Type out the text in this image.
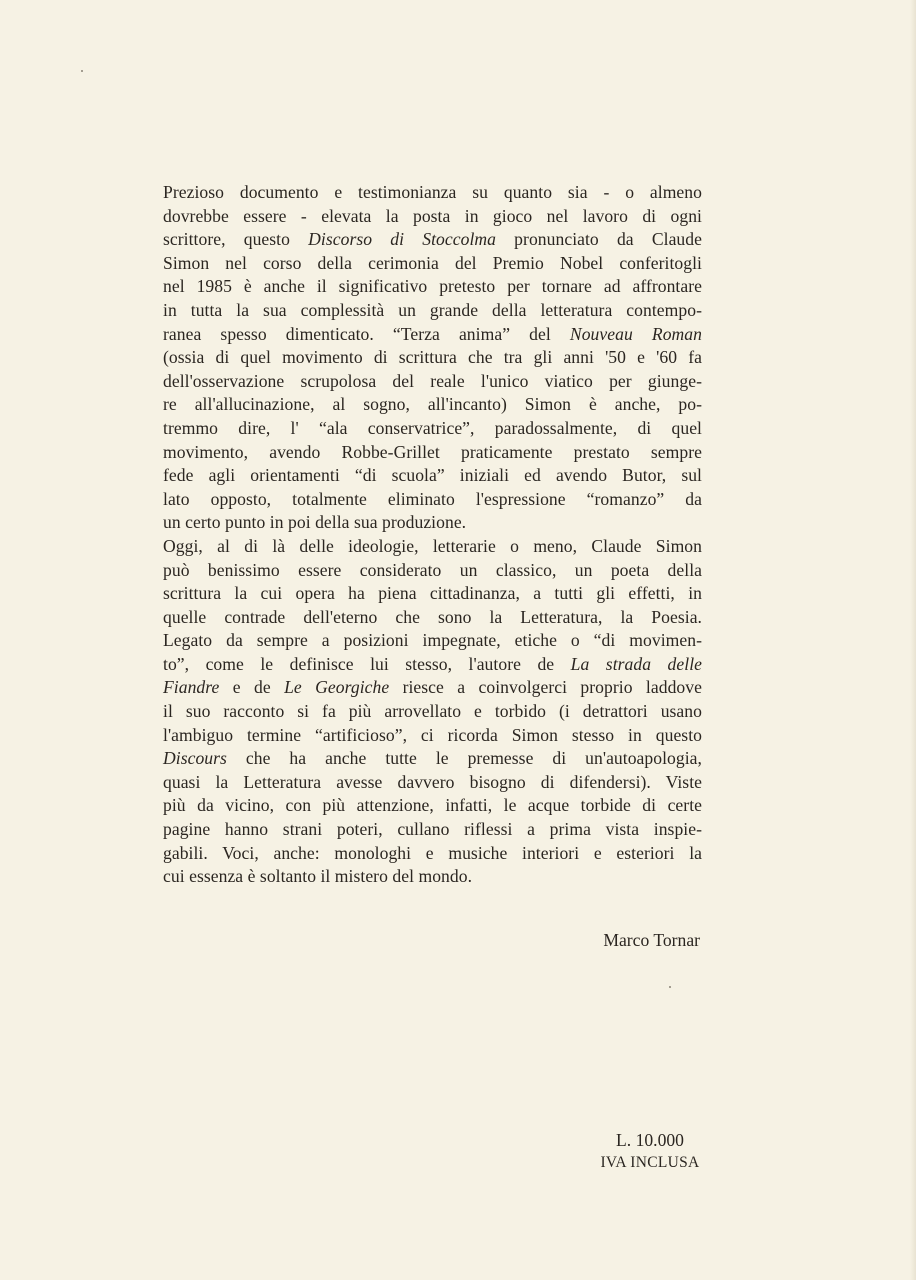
Prezioso documento e testimonianza su quanto sia - o almeno
dovrebbe essere - elevata la posta in gioco nel lavoro di ogni
scrittore, questo Discorso di Stoccolma pronunciato da Claude
Simon nel corso della cerimonia del Premio Nobel conferitogli
nel 1985 è anche il significativo pretesto per tornare ad affrontare
in tutta la sua complessità un grande della letteratura contempo-
ranea spesso dimenticato. “Terza anima” del Nouveau Roman
(ossia di quel movimento di scrittura che tra gli anni '50 e '60 fa
dell'osservazione scrupolosa del reale l'unico viatico per giunge-
re all'allucinazione, al sogno, all'incanto) Simon è anche, po-
tremmo dire, l' “ala conservatrice”, paradossalmente, di quel
movimento, avendo Robbe-Grillet praticamente prestato sempre
fede agli orientamenti “di scuola” iniziali ed avendo Butor, sul
lato opposto, totalmente eliminato l'espressione “romanzo” da
un certo punto in poi della sua produzione.
Oggi, al di là delle ideologie, letterarie o meno, Claude Simon
può benissimo essere considerato un classico, un poeta della
scrittura la cui opera ha piena cittadinanza, a tutti gli effetti, in
quelle contrade dell'eterno che sono la Letteratura, la Poesia.
Legato da sempre a posizioni impegnate, etiche o “di movimen-
to”, come le definisce lui stesso, l'autore de La strada delle
Fiandre e de Le Georgiche riesce a coinvolgerci proprio laddove
il suo racconto si fa più arrovellato e torbido (i detrattori usano
l'ambiguo termine “artificioso”, ci ricorda Simon stesso in questo
Discours che ha anche tutte le premesse di un'autoapologia,
quasi la Letteratura avesse davvero bisogno di difendersi). Viste
più da vicino, con più attenzione, infatti, le acque torbide di certe
pagine hanno strani poteri, cullano riflessi a prima vista inspie-
gabili. Voci, anche: monologhi e musiche interiori e esteriori la
cui essenza è soltanto il mistero del mondo.
Marco Tornar
L. 10.000
IVA INCLUSA
